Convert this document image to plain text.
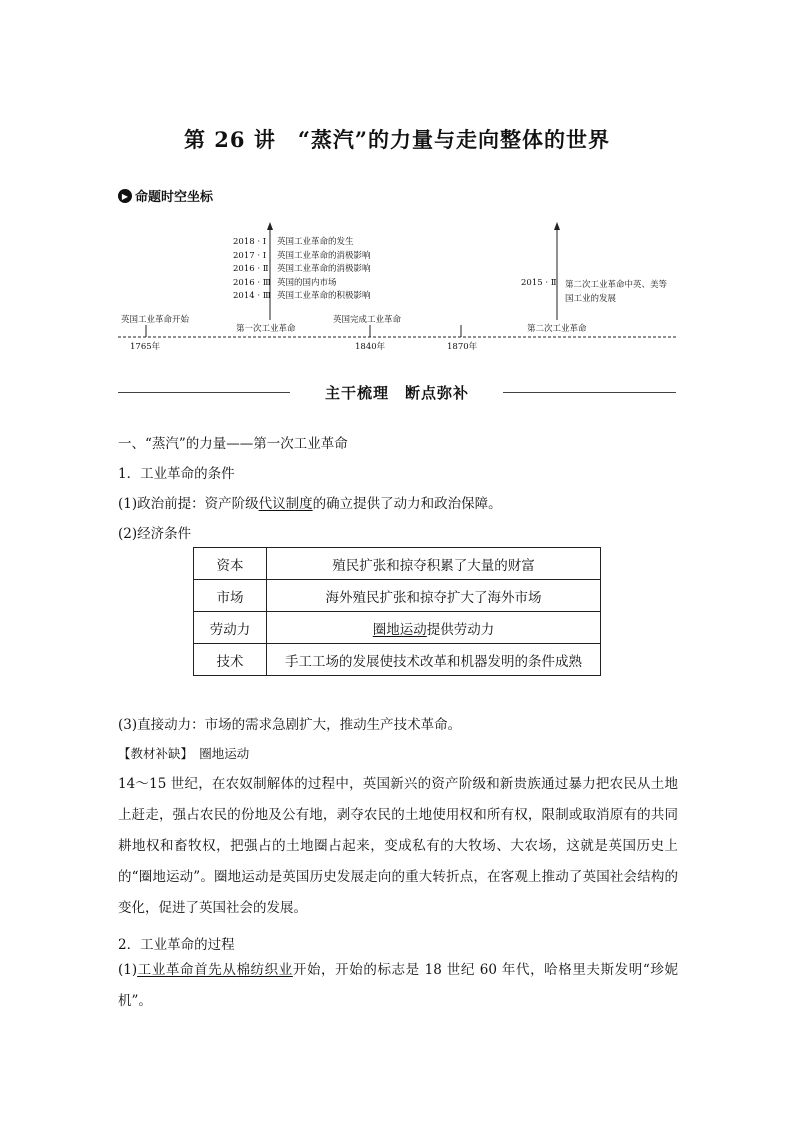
第 26 讲　“蒸汽”的力量与走向整体的世界
▶ 命题时空坐标
2018 · Ⅰ
2017 · Ⅰ
2016 · Ⅱ
2016 · Ⅲ
2014 · Ⅲ
英国工业革命的发生
英国工业革命的消极影响
英国工业革命的消极影响
英国的国内市场
英国工业革命的积极影响
2015 · Ⅱ 第二次工业革命中英、美等
国工业的发展
英国工业革命开始
第一次工业革命
英国完成工业革命
第二次工业革命
1765年	1840年	1870年
主干梳理　断点弥补
一、“蒸汽”的力量——第一次工业革命
1．工业革命的条件
(1)政治前提：资产阶级代议制度的确立提供了动力和政治保障。
(2)经济条件
资本	殖民扩张和掠夺积累了大量的财富
市场	海外殖民扩张和掠夺扩大了海外市场
劳动力	圈地运动提供劳动力
技术	手工工场的发展使技术改革和机器发明的条件成熟
(3)直接动力：市场的需求急剧扩大，推动生产技术革命。
【教材补缺】　圈地运动
14～15 世纪，在农奴制解体的过程中，英国新兴的资产阶级和新贵族通过暴力把农民从土地上赶走，强占农民的份地及公有地，剥夺农民的土地使用权和所有权，限制或取消原有的共同耕地权和畜牧权，把强占的土地圈占起来，变成私有的大牧场、大农场，这就是英国历史上的“圈地运动”。圈地运动是英国历史发展走向的重大转折点，在客观上推动了英国社会结构的变化，促进了英国社会的发展。
2．工业革命的过程
(1)工业革命首先从棉纺织业开始，开始的标志是 18 世纪 60 年代，哈格里夫斯发明“珍妮机”。
